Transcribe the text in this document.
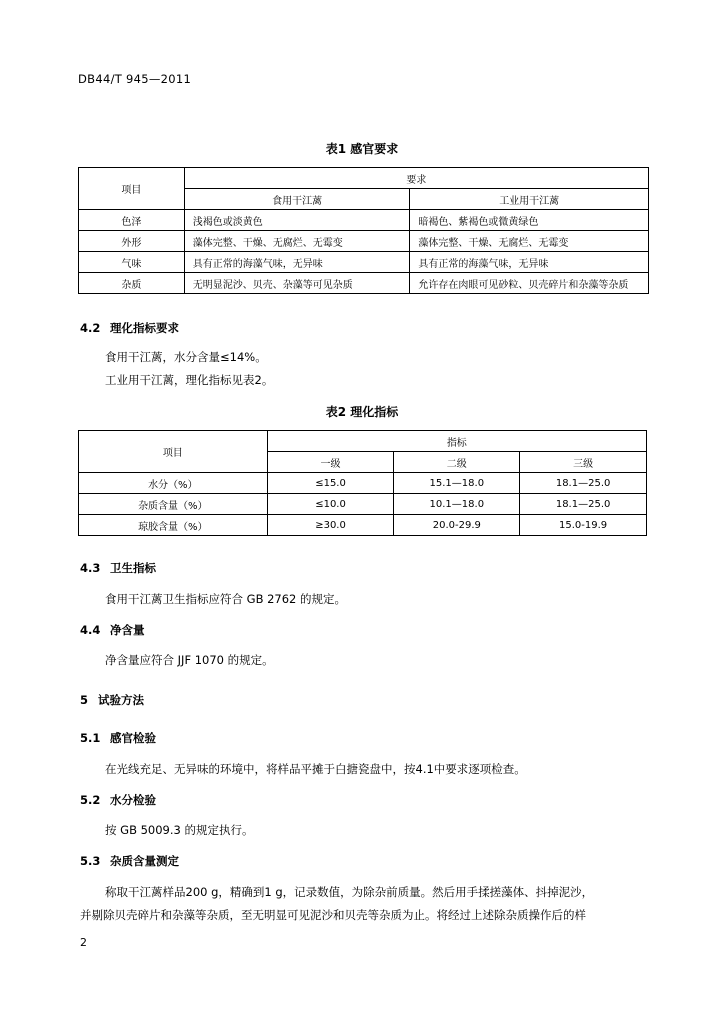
DB44/T 945—2011
表1 感官要求
项目	要求	
	食用干江蓠	工业用干江蓠
色泽	浅褐色或淡黄色	暗褐色、紫褐色或微黄绿色
外形	藻体完整、干燥、无腐烂、无霉变	藻体完整、干燥、无腐烂、无霉变
气味	具有正常的海藻气味，无异味	具有正常的海藻气味，无异味
杂质	无明显泥沙、贝壳、杂藻等可见杂质	允许存在肉眼可见砂粒、贝壳碎片和杂藻等杂质
4.2 理化指标要求
食用干江蓠，水分含量≤14%。
工业用干江蓠，理化指标见表2。
表2 理化指标
项目	指标		
	一级	二级	三级
水分（%）	≤15.0	15.1—18.0	18.1—25.0
杂质含量（%）	≤10.0	10.1—18.0	18.1—25.0
琼胶含量（%）	≥30.0	20.0-29.9	15.0-19.9
4.3 卫生指标
食用干江蓠卫生指标应符合 GB 2762 的规定。
4.4 净含量
净含量应符合 JJF 1070 的规定。
5 试验方法
5.1 感官检验
在光线充足、无异味的环境中，将样品平摊于白搪瓷盘中，按4.1中要求逐项检查。
5.2 水分检验
按 GB 5009.3 的规定执行。
5.3 杂质含量测定
称取干江蓠样品200 g，精确到1 g，记录数值，为除杂前质量。然后用手揉搓藻体、抖掉泥沙，
并剔除贝壳碎片和杂藻等杂质，至无明显可见泥沙和贝壳等杂质为止。将经过上述除杂质操作后的样
2
